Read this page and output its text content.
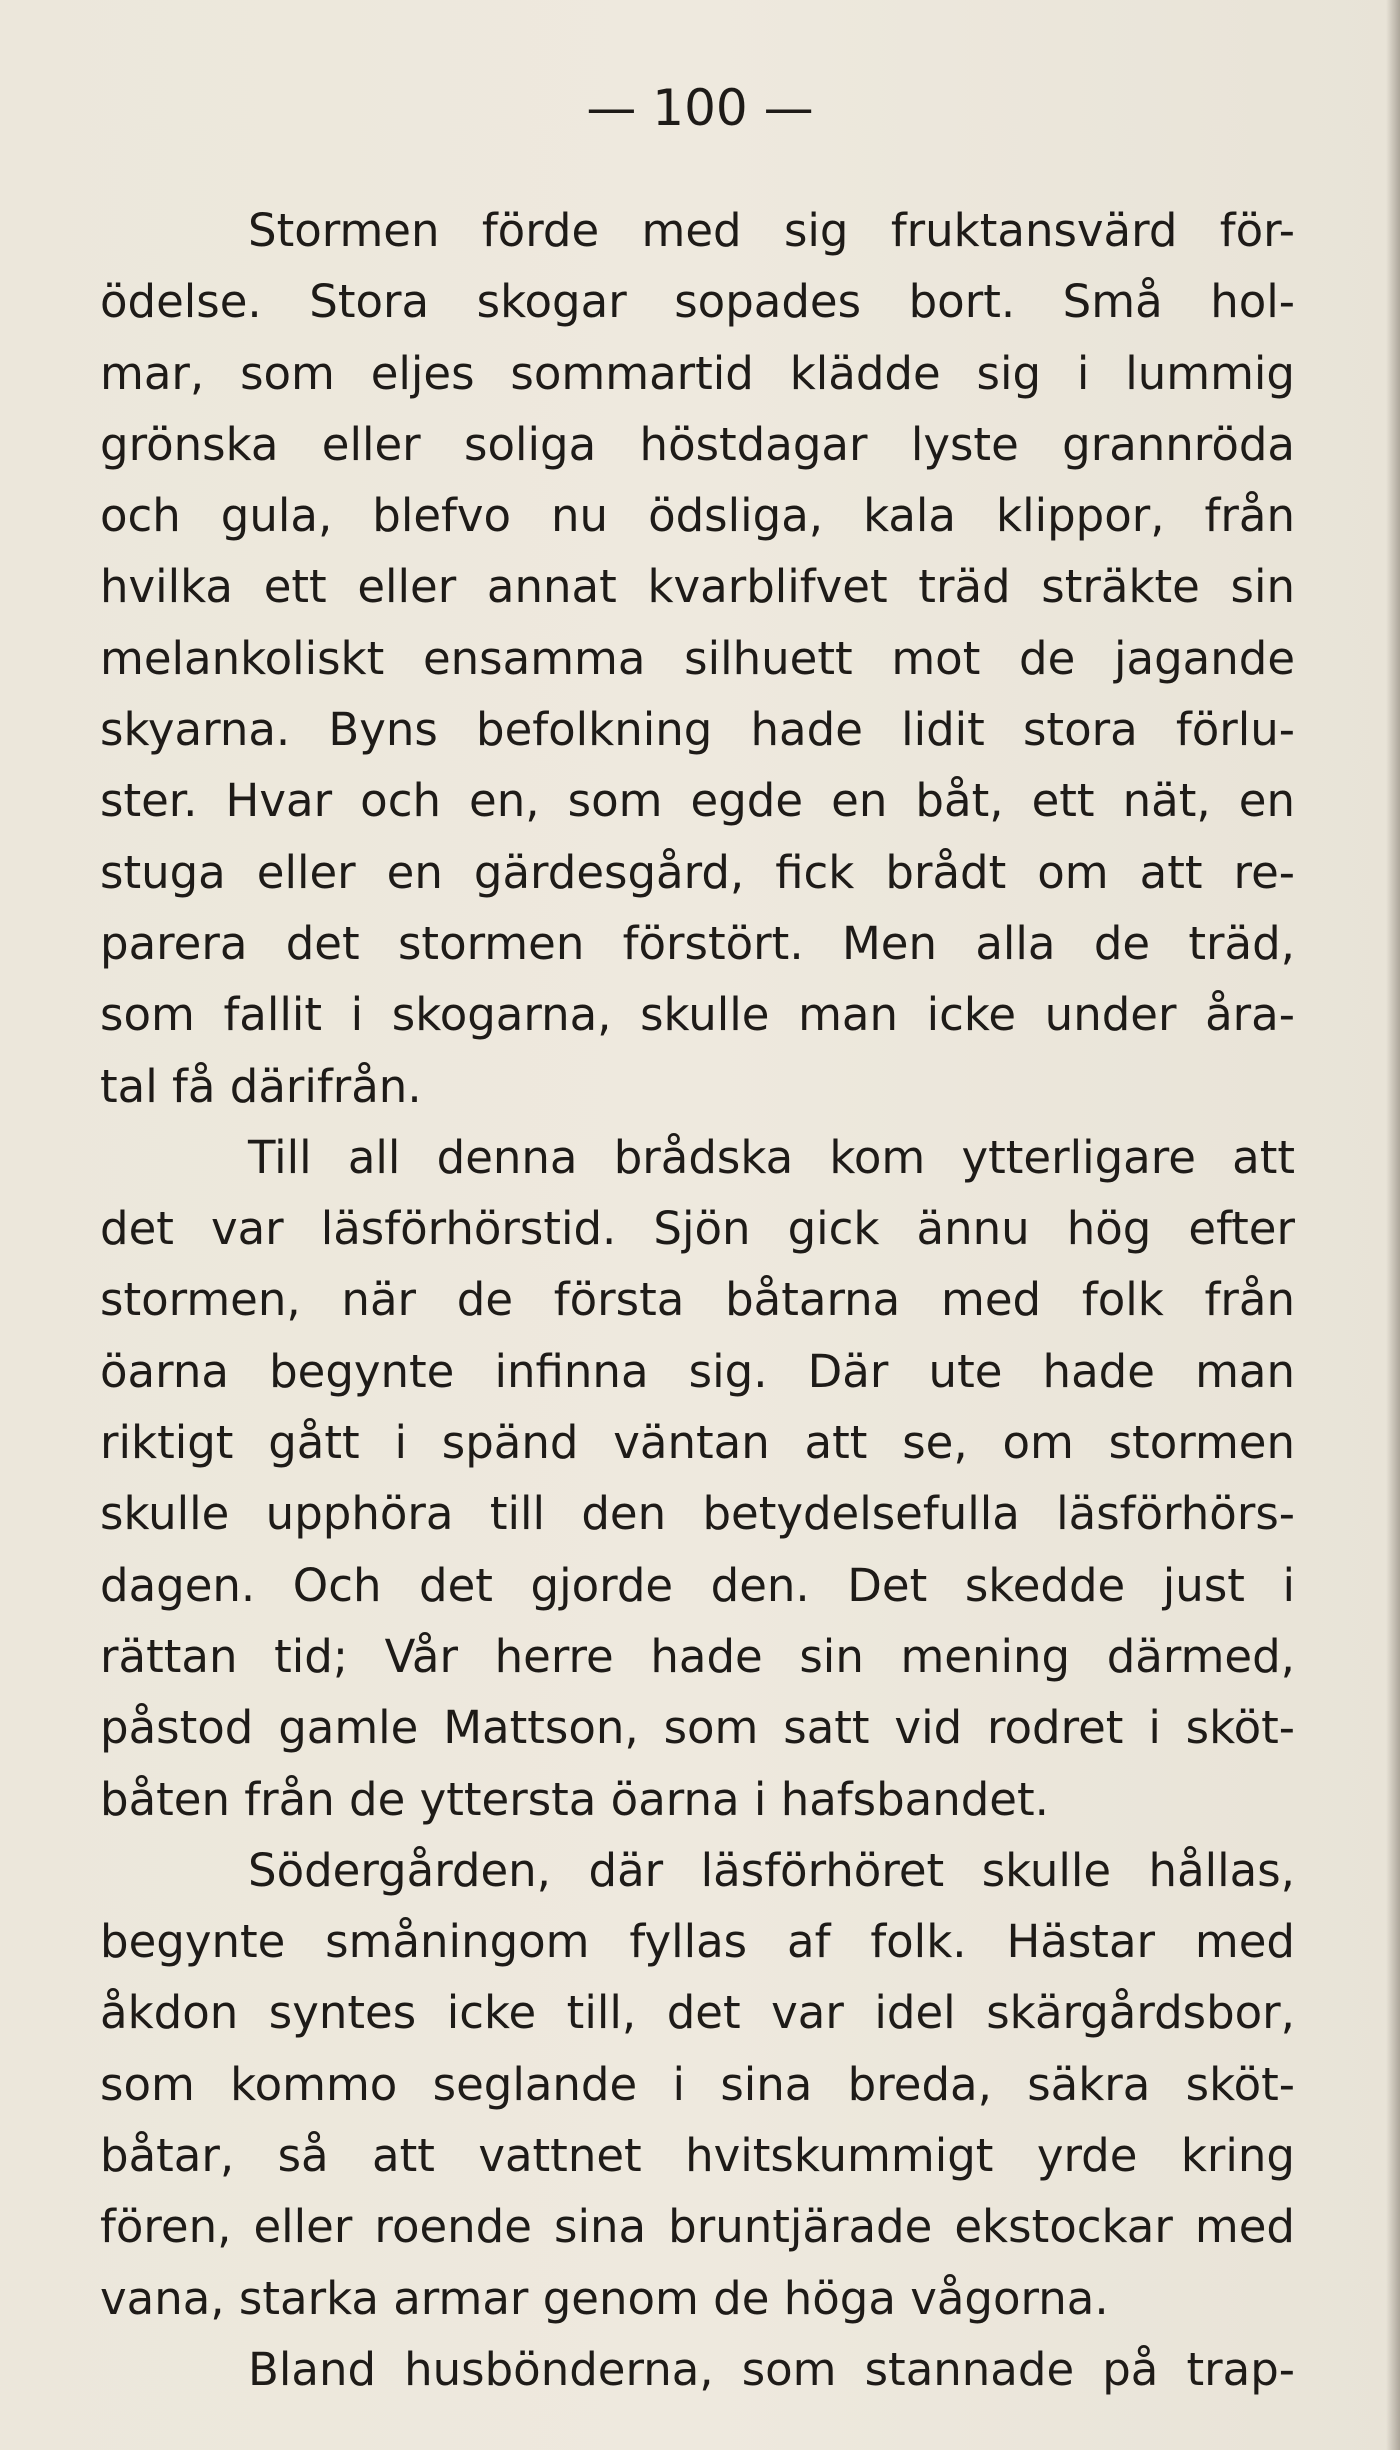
— 100 —
Stormen förde med sig fruktansvärd för-
ödelse. Stora skogar sopades bort. Små hol-
mar, som eljes sommartid klädde sig i lummig
grönska eller soliga höstdagar lyste grannröda
och gula, blefvo nu ödsliga, kala klippor, från
hvilka ett eller annat kvarblifvet träd sträkte sin
melankoliskt ensamma silhuett mot de jagande
skyarna. Byns befolkning hade lidit stora förlu-
ster. Hvar och en, som egde en båt, ett nät, en
stuga eller en gärdesgård, fick brådt om att re-
parera det stormen förstört. Men alla de träd,
som fallit i skogarna, skulle man icke under åra-
tal få därifrån.
Till all denna brådska kom ytterligare att
det var läsförhörstid. Sjön gick ännu hög efter
stormen, när de första båtarna med folk från
öarna begynte infinna sig. Där ute hade man
riktigt gått i spänd väntan att se, om stormen
skulle upphöra till den betydelsefulla läsförhörs-
dagen. Och det gjorde den. Det skedde just i
rättan tid; Vår herre hade sin mening därmed,
påstod gamle Mattson, som satt vid rodret i sköt-
båten från de yttersta öarna i hafsbandet.
Södergården, där läsförhöret skulle hållas,
begynte småningom fyllas af folk. Hästar med
åkdon syntes icke till, det var idel skärgårdsbor,
som kommo seglande i sina breda, säkra sköt-
båtar, så att vattnet hvitskummigt yrde kring
fören, eller roende sina bruntjärade ekstockar med
vana, starka armar genom de höga vågorna.
Bland husbönderna, som stannade på trap-
